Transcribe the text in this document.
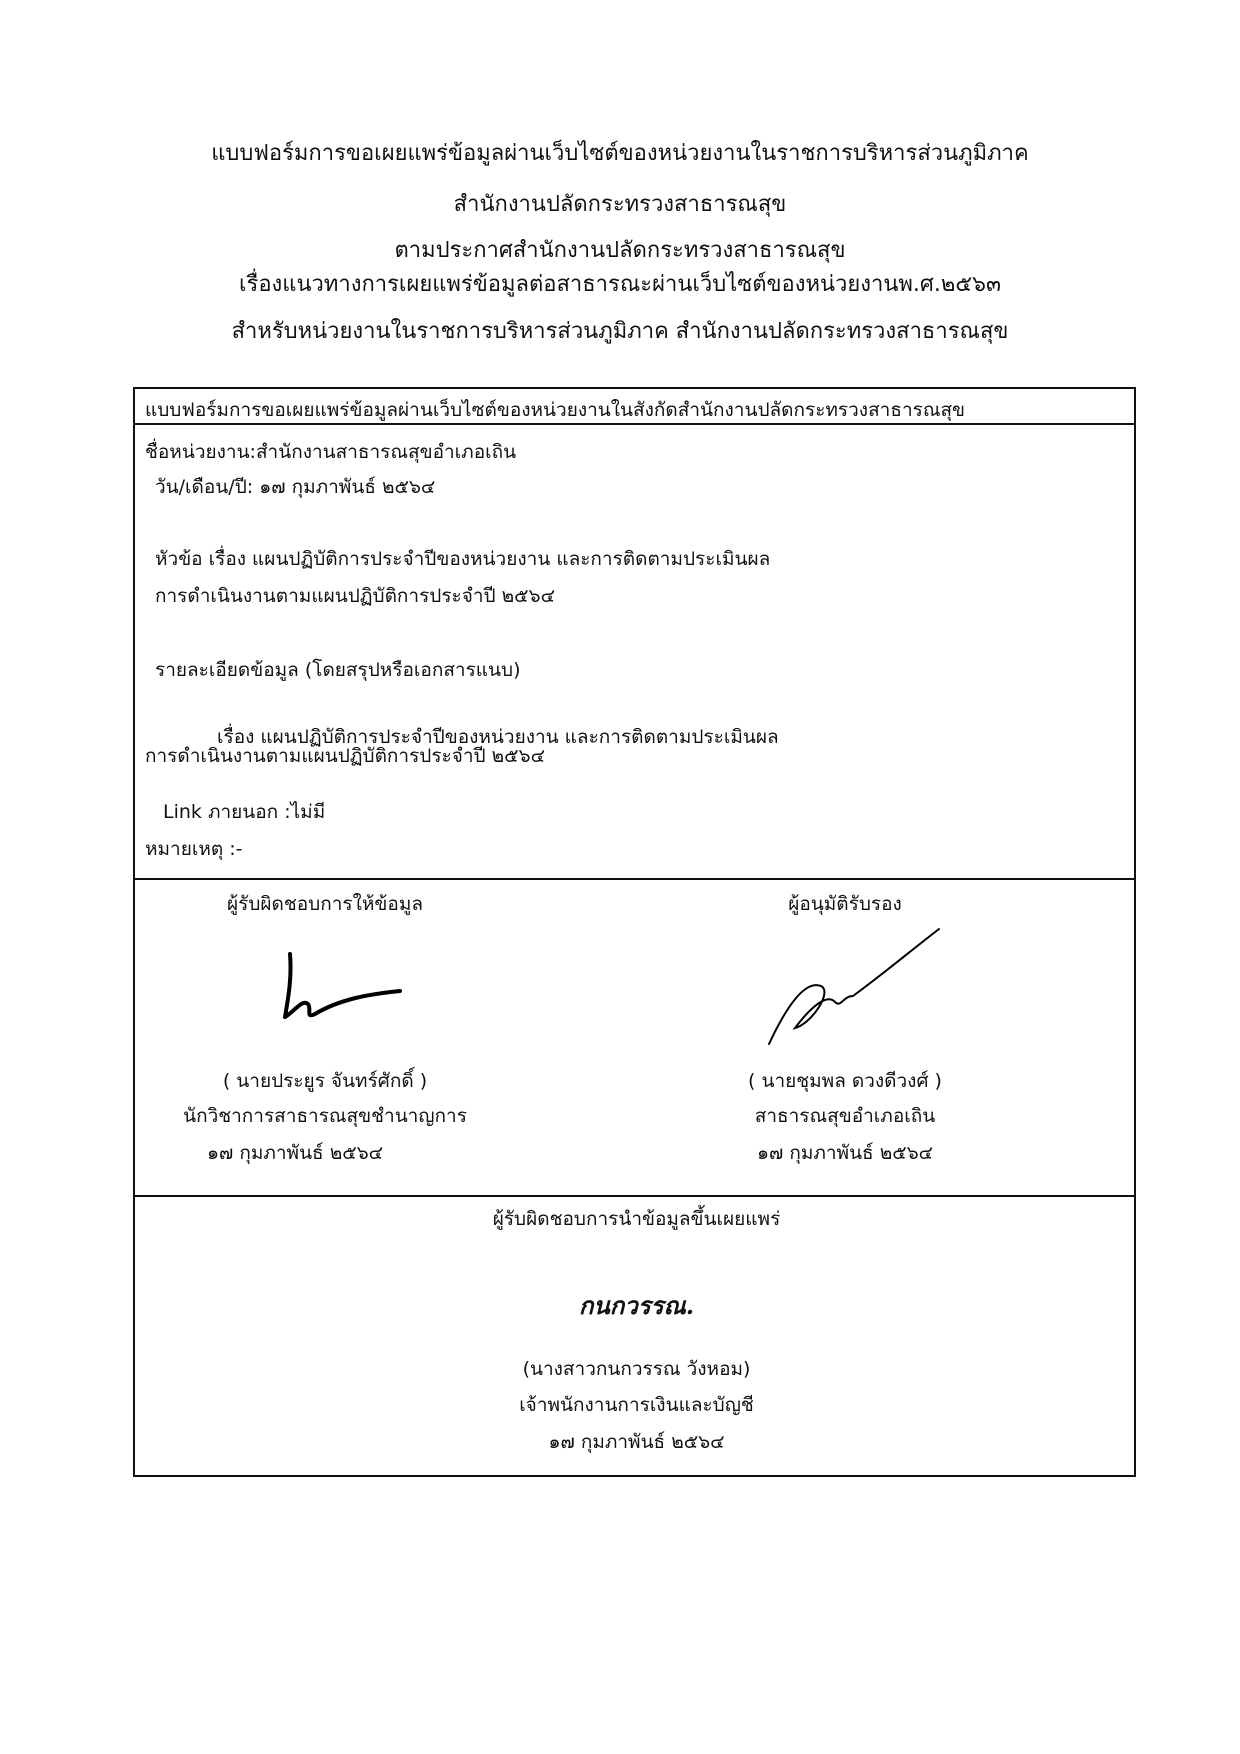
แบบฟอร์มการขอเผยแพร่ข้อมูลผ่านเว็บไซต์ของหน่วยงานในราชการบริหารส่วนภูมิภาค
สำนักงานปลัดกระทรวงสาธารณสุข
ตามประกาศสำนักงานปลัดกระทรวงสาธารณสุข
เรื่องแนวทางการเผยแพร่ข้อมูลต่อสาธารณะผ่านเว็บไซต์ของหน่วยงานพ.ศ.๒๕๖๓
สำหรับหน่วยงานในราชการบริหารส่วนภูมิภาค สำนักงานปลัดกระทรวงสาธารณสุข
แบบฟอร์มการขอเผยแพร่ข้อมูลผ่านเว็บไซต์ของหน่วยงานในสังกัดสำนักงานปลัดกระทรวงสาธารณสุข
ชื่อหน่วยงาน:สำนักงานสาธารณสุขอำเภอเถิน
วัน/เดือน/ปี: ๑๗ กุมภาพันธ์ ๒๕๖๔
หัวข้อ เรื่อง แผนปฏิบัติการประจำปีของหน่วยงาน และการติดตามประเมินผล
การดำเนินงานตามแผนปฏิบัติการประจำปี ๒๕๖๔
รายละเอียดข้อมูล (โดยสรุปหรือเอกสารแนบ)
เรื่อง แผนปฏิบัติการประจำปีของหน่วยงาน และการติดตามประเมินผล
การดำเนินงานตามแผนปฏิบัติการประจำปี ๒๕๖๔
Link ภายนอก :ไม่มี
หมายเหตุ :-
ผู้รับผิดชอบการให้ข้อมูล
( นายประยูร จันทร์ศักดิ์ )
นักวิชาการสาธารณสุขชำนาญการ
๑๗ กุมภาพันธ์ ๒๕๖๔
ผู้อนุมัติรับรอง
( นายชุมพล ดวงดีวงศ์ )
สาธารณสุขอำเภอเถิน
๑๗ กุมภาพันธ์ ๒๕๖๔
ผู้รับผิดชอบการนำข้อมูลขึ้นเผยแพร่
กนกวรรณ.
(นางสาวกนกวรรณ วังหอม)
เจ้าพนักงานการเงินและบัญชี
๑๗ กุมภาพันธ์ ๒๕๖๔
